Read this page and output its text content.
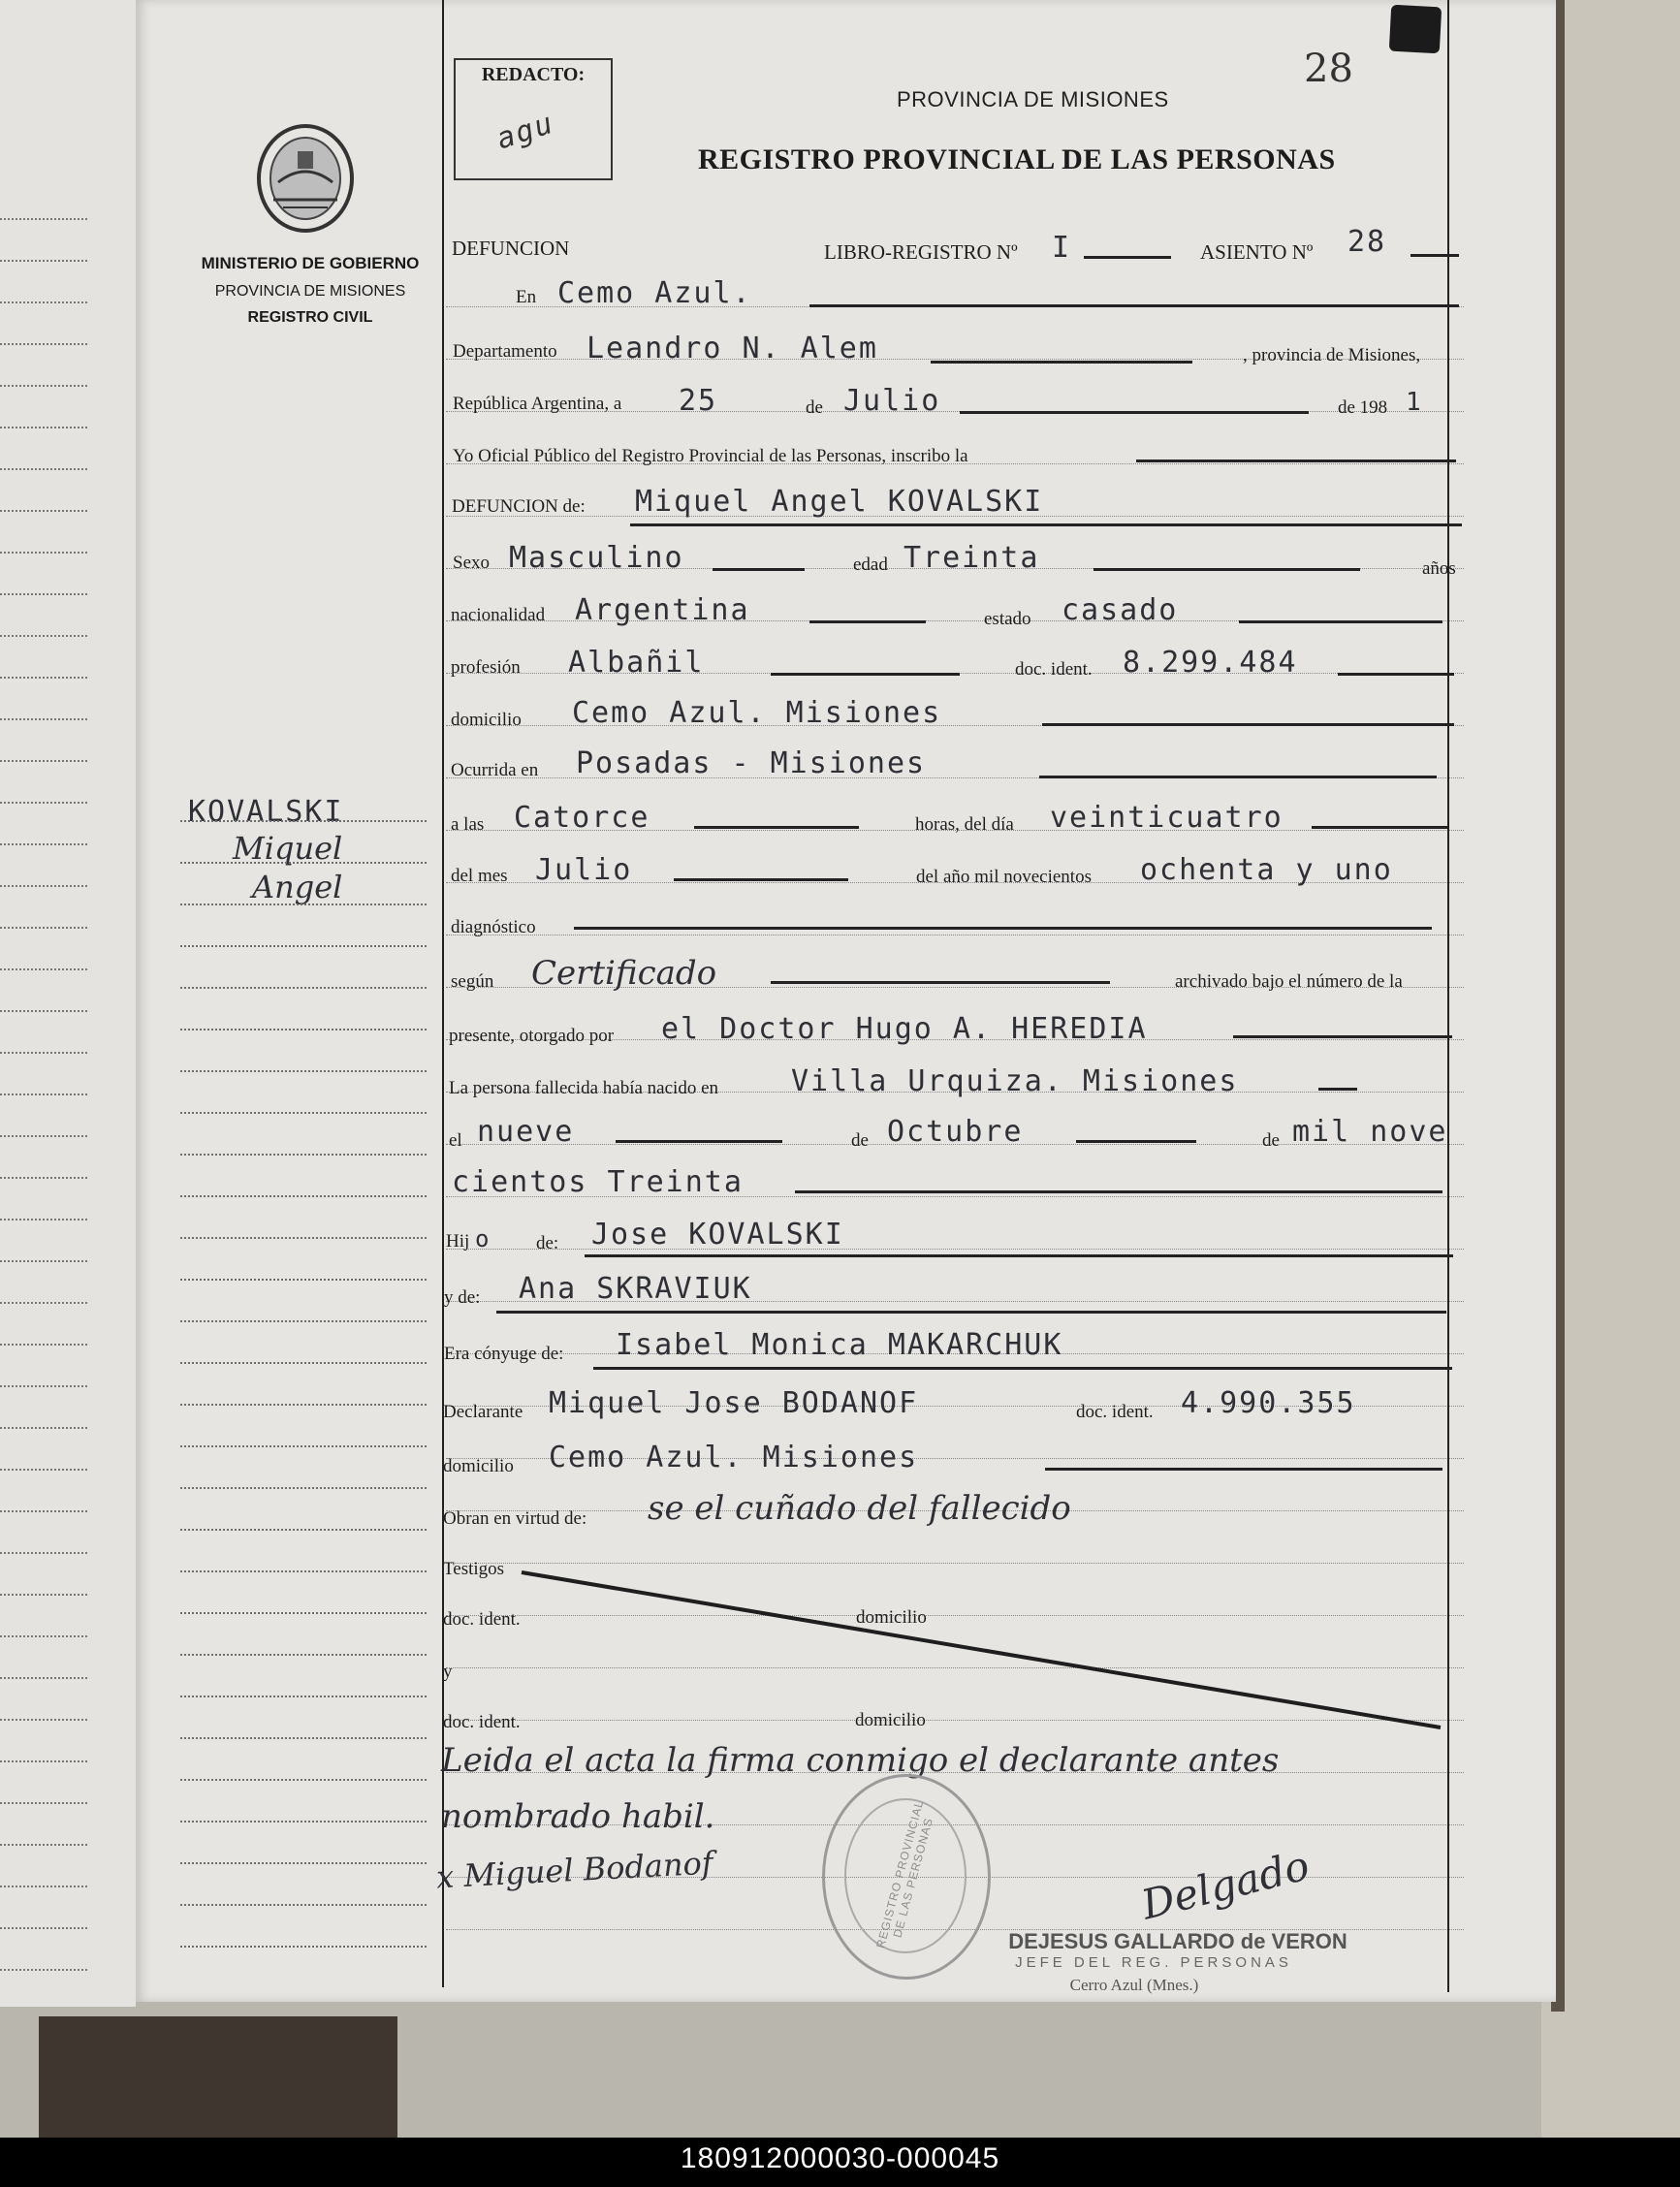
MINISTERIO DE GOBIERNO
PROVINCIA DE MISIONES
REGISTRO CIVIL
REDACTO:
agu
28
PROVINCIA DE MISIONES
REGISTRO PROVINCIAL DE LAS PERSONAS
DEFUNCION	LIBRO-REGISTRO Nº I	ASIENTO Nº 28
En Cemo Azul.
Departamento Leandro N. Alem	, provincia de Misiones,
República Argentina, a 25	de Julio	de 198 1
Yo Oficial Público del Registro Provincial de las Personas, inscribo la
DEFUNCION de: Miquel Angel KOVALSKI
Sexo Masculino	edad Treinta	años
nacionalidad Argentina	estado casado
profesión Albañil	doc. ident. 8.299.484
domicilio Cemo Azul. Misiones
Ocurrida en Posadas - Misiones
a las Catorce	horas, del día veinticuatro
del mes Julio	del año mil novecientos ochenta y uno
diagnóstico
según Certificado	archivado bajo el número de la
presente, otorgado por el Doctor Hugo A. HEREDIA
La persona fallecida había nacido en	Villa Urquiza. Misiones
el nueve	de Octubre	de mil nove
cientos Treinta
Hij o de: Jose KOVALSKI
y de: Ana SKRAVIUK
Era cónyuge de: Isabel Monica MAKARCHUK
Declarante Miquel Jose BODANOF	doc. ident. 4.990.355
domicilio Cemo Azul. Misiones
Obran en virtud de: se el cuñado del fallecido
Testigos
doc. ident.	domicilio
y
doc. ident.	domicilio
Leida el acta la firma conmigo el declarante antes
nombrado habil.
x Miguel Bodanof	Delgado
REGISTRO PROVINCIAL DE LAS PERSONAS
DEJESUS GALLARDO de VERON
JEFE DEL REG. PERSONAS
Cerro Azul (Mnes.)
KOVALSKI
Miquel
Angel
180912000030-000045
